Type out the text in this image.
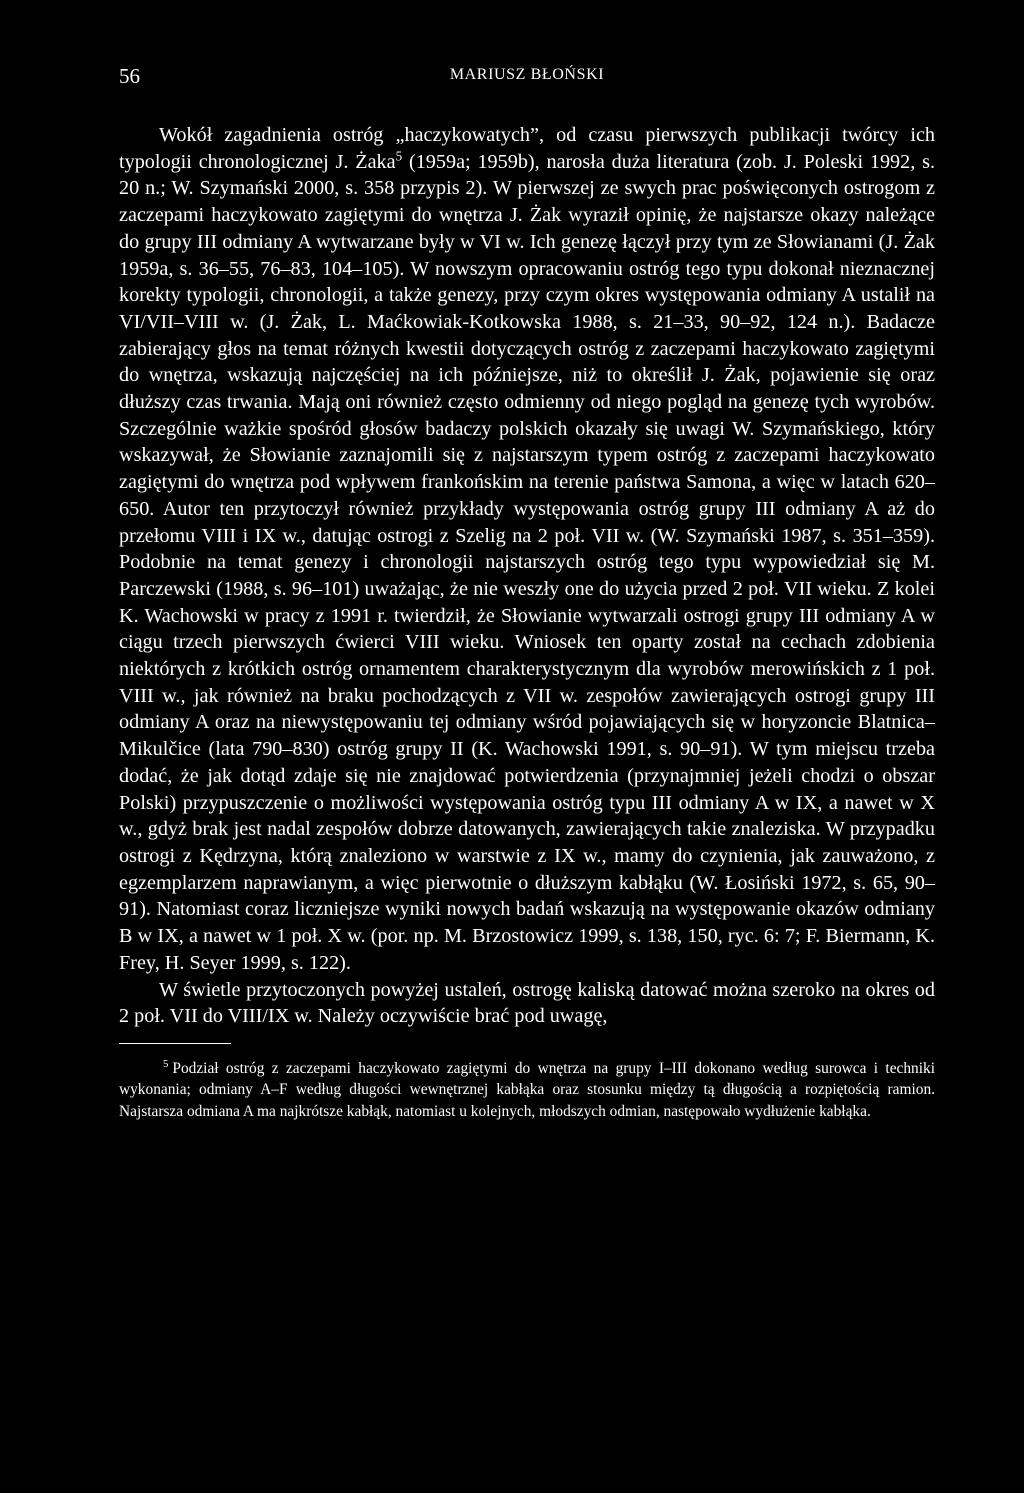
56	MARIUSZ BŁOŃSKI

Wokół zagadnienia ostróg „haczykowatych”, od czasu pierwszych publikacji twórcy ich typologii chronologicznej J. Żaka$^5$ (1959a; 1959b), narosła duża literatura (zob. J. Poleski 1992, s. 20 n.; W. Szymański 2000, s. 358 przypis 2). W pierwszej ze swych prac poświęconych ostrogom z zaczepami haczykowato zagiętymi do wnętrza J. Żak wyraził opinię, że najstarsze okazy należące do grupy III odmiany A wytwarzane były w VI w. Ich genezę łączył przy tym ze Słowianami (J. Żak 1959a, s. 36–55, 76–83, 104–105). W nowszym opracowaniu ostróg tego typu dokonał nieznacznej korekty typologii, chronologii, a także genezy, przy czym okres występowania odmiany A ustalił na VI/VII–VIII w. (J. Żak, L. Maćkowiak-Kotkowska 1988, s. 21–33, 90–92, 124 n.). Badacze zabierający głos na temat różnych kwestii dotyczących ostróg z zaczepami haczykowato zagiętymi do wnętrza, wskazują najczęściej na ich późniejsze, niż to określił J. Żak, pojawienie się oraz dłuższy czas trwania. Mają oni również często odmienny od niego pogląd na genezę tych wyrobów. Szczególnie ważkie spośród głosów badaczy polskich okazały się uwagi W. Szymańskiego, który wskazywał, że Słowianie zaznajomili się z najstarszym typem ostróg z zaczepami haczykowato zagiętymi do wnętrza pod wpływem frankońskim na terenie państwa Samona, a więc w latach 620–650. Autor ten przytoczył również przykłady występowania ostróg grupy III odmiany A aż do przełomu VIII i IX w., datując ostrogi z Szelig na 2 poł. VII w. (W. Szymański 1987, s. 351–359). Podobnie na temat genezy i chronologii najstarszych ostróg tego typu wypowiedział się M. Parczewski (1988, s. 96–101) uważając, że nie weszły one do użycia przed 2 poł. VII wieku. Z kolei K. Wachowski w pracy z 1991 r. twierdził, że Słowianie wytwarzali ostrogi grupy III odmiany A w ciągu trzech pierwszych ćwierci VIII wieku. Wniosek ten oparty został na cechach zdobienia niektórych z krótkich ostróg ornamentem charakterystycznym dla wyrobów merowińskich z 1 poł. VIII w., jak również na braku pochodzących z VII w. zespołów zawierających ostrogi grupy III odmiany A oraz na niewystępowaniu tej odmiany wśród pojawiających się w horyzoncie Blatnica–Mikulčice (lata 790–830) ostróg grupy II (K. Wachowski 1991, s. 90–91). W tym miejscu trzeba dodać, że jak dotąd zdaje się nie znajdować potwierdzenia (przynajmniej jeżeli chodzi o obszar Polski) przypuszczenie o możliwości występowania ostróg typu III odmiany A w IX, a nawet w X w., gdyż brak jest nadal zespołów dobrze datowanych, zawierających takie znaleziska. W przypadku ostrogi z Kędrzyna, którą znaleziono w warstwie z IX w., mamy do czynienia, jak zauważono, z egzemplarzem naprawianym, a więc pierwotnie o dłuższym kabłąku (W. Łosiński 1972, s. 65, 90–91). Natomiast coraz liczniejsze wyniki nowych badań wskazują na występowanie okazów odmiany B w IX, a nawet w 1 poł. X w. (por. np. M. Brzostowicz 1999, s. 138, 150, ryc. 6: 7; F. Biermann, K. Frey, H. Seyer 1999, s. 122).

W świetle przytoczonych powyżej ustaleń, ostrogę kaliską datować można szeroko na okres od 2 poł. VII do VIII/IX w. Należy oczywiście brać pod uwagę,

$^5$ Podział ostróg z zaczepami haczykowato zagiętymi do wnętrza na grupy I–III dokonano według surowca i techniki wykonania; odmiany A–F według długości wewnętrznej kabłąka oraz stosunku między tą długością a rozpiętością ramion. Najstarsza odmiana A ma najkrótsze kabłąk, natomiast u kolejnych, młodszych odmian, następowało wydłużenie kabłąka.
